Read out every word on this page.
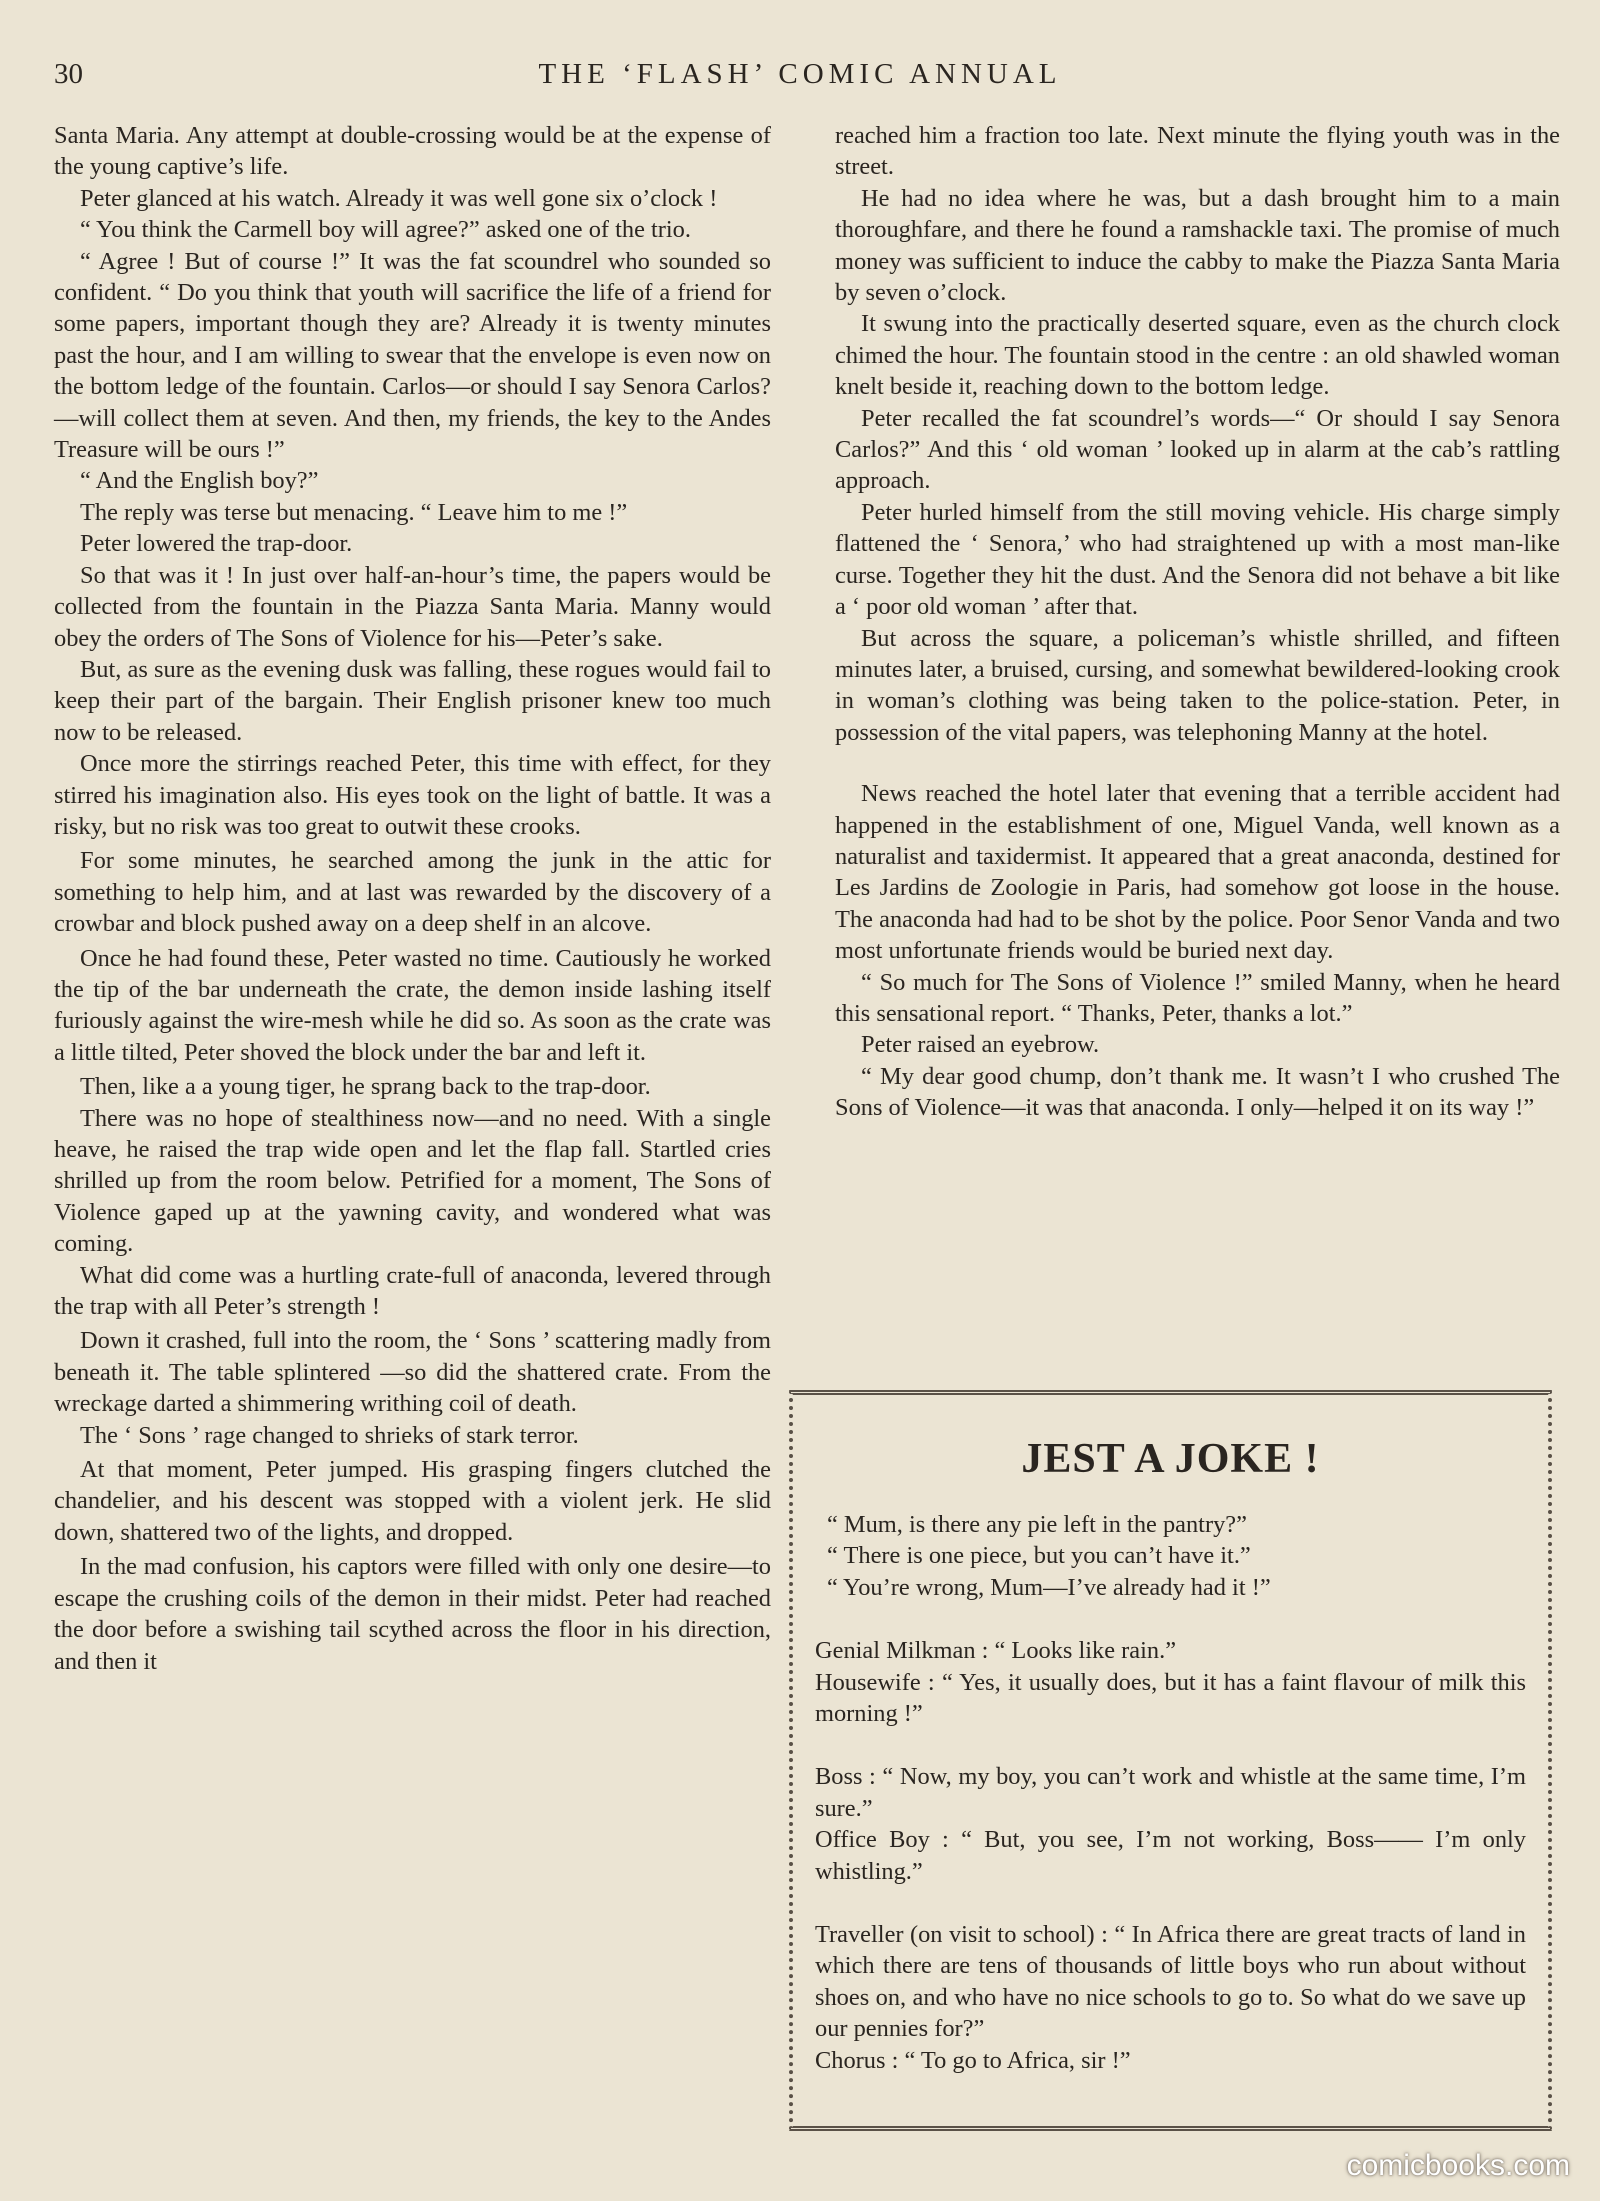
30	THE ‘FLASH’ COMIC ANNUAL

Santa Maria. Any attempt at double-crossing would be at the expense of the young captive’s life.

Peter glanced at his watch. Already it was well gone six o’clock !

“ You think the Carmell boy will agree?” asked one of the trio.

“ Agree ! But of course !” It was the fat scoundrel who sounded so confident. “ Do you think that youth will sacrifice the life of a friend for some papers, important though they are? Already it is twenty minutes past the hour, and I am willing to swear that the envelope is even now on the bottom ledge of the fountain. Carlos—or should I say Senora Carlos?—will collect them at seven. And then, my friends, the key to the Andes Treasure will be ours !”

“ And the English boy?”

The reply was terse but menacing. “ Leave him to me !”

Peter lowered the trap-door.

So that was it ! In just over half-an-hour’s time, the papers would be collected from the fountain in the Piazza Santa Maria. Manny would obey the orders of The Sons of Violence for his—Peter’s sake.

But, as sure as the evening dusk was falling, these rogues would fail to keep their part of the bargain. Their English prisoner knew too much now to be released.

Once more the stirrings reached Peter, this time with effect, for they stirred his imagination also. His eyes took on the light of battle. It was a risky, but no risk was too great to outwit these crooks.

For some minutes, he searched among the junk in the attic for something to help him, and at last was rewarded by the discovery of a crowbar and block pushed away on a deep shelf in an alcove.

Once he had found these, Peter wasted no time. Cautiously he worked the tip of the bar underneath the crate, the demon inside lashing itself furiously against the wire-mesh while he did so. As soon as the crate was a little tilted, Peter shoved the block under the bar and left it.

Then, like a a young tiger, he sprang back to the trap-door.

There was no hope of stealthiness now—and no need. With a single heave, he raised the trap wide open and let the flap fall. Startled cries shrilled up from the room below. Petrified for a moment, The Sons of Violence gaped up at the yawning cavity, and wondered what was coming.

What did come was a hurtling crate-full of anaconda, levered through the trap with all Peter’s strength !

Down it crashed, full into the room, the ‘ Sons ’ scattering madly from beneath it. The table splintered —so did the shattered crate. From the wreckage darted a shimmering writhing coil of death.

The ‘ Sons ’ rage changed to shrieks of stark terror.

At that moment, Peter jumped. His grasping fingers clutched the chandelier, and his descent was stopped with a violent jerk. He slid down, shattered two of the lights, and dropped.

In the mad confusion, his captors were filled with only one desire—to escape the crushing coils of the demon in their midst. Peter had reached the door before a swishing tail scythed across the floor in his direction, and then it

reached him a fraction too late. Next minute the flying youth was in the street.

He had no idea where he was, but a dash brought him to a main thoroughfare, and there he found a ramshackle taxi. The promise of much money was sufficient to induce the cabby to make the Piazza Santa Maria by seven o’clock.

It swung into the practically deserted square, even as the church clock chimed the hour. The fountain stood in the centre : an old shawled woman knelt beside it, reaching down to the bottom ledge.

Peter recalled the fat scoundrel’s words—“ Or should I say Senora Carlos?” And this ‘ old woman ’ looked up in alarm at the cab’s rattling approach.

Peter hurled himself from the still moving vehicle. His charge simply flattened the ‘ Senora,’ who had straightened up with a most man-like curse. Together they hit the dust. And the Senora did not behave a bit like a ‘ poor old woman ’ after that.

But across the square, a policeman’s whistle shrilled, and fifteen minutes later, a bruised, cursing, and somewhat bewildered-looking crook in woman’s clothing was being taken to the police-station. Peter, in possession of the vital papers, was telephoning Manny at the hotel.

News reached the hotel later that evening that a terrible accident had happened in the establishment of one, Miguel Vanda, well known as a naturalist and taxidermist. It appeared that a great anaconda, destined for Les Jardins de Zoologie in Paris, had somehow got loose in the house. The anaconda had had to be shot by the police. Poor Senor Vanda and two most unfortunate friends would be buried next day.

“ So much for The Sons of Violence !” smiled Manny, when he heard this sensational report. “ Thanks, Peter, thanks a lot.”

Peter raised an eyebrow.

“ My dear good chump, don’t thank me. It wasn’t I who crushed The Sons of Violence—it was that anaconda. I only—helped it on its way !”

JEST A JOKE !

“ Mum, is there any pie left in the pantry?”

“ There is one piece, but you can’t have it.”

“ You’re wrong, Mum—I’ve already had it !”

Genial Milkman : “ Looks like rain.”

Housewife : “ Yes, it usually does, but it has a faint flavour of milk this morning !”

Boss : “ Now, my boy, you can’t work and whistle at the same time, I’m sure.”

Office Boy : “ But, you see, I’m not working, Boss—— I’m only whistling.”

Traveller (on visit to school) : “ In Africa there are great tracts of land in which there are tens of thousands of little boys who run about without shoes on, and who have no nice schools to go to. So what do we save up our pennies for?”

Chorus : “ To go to Africa, sir !”

comicbooks.com
